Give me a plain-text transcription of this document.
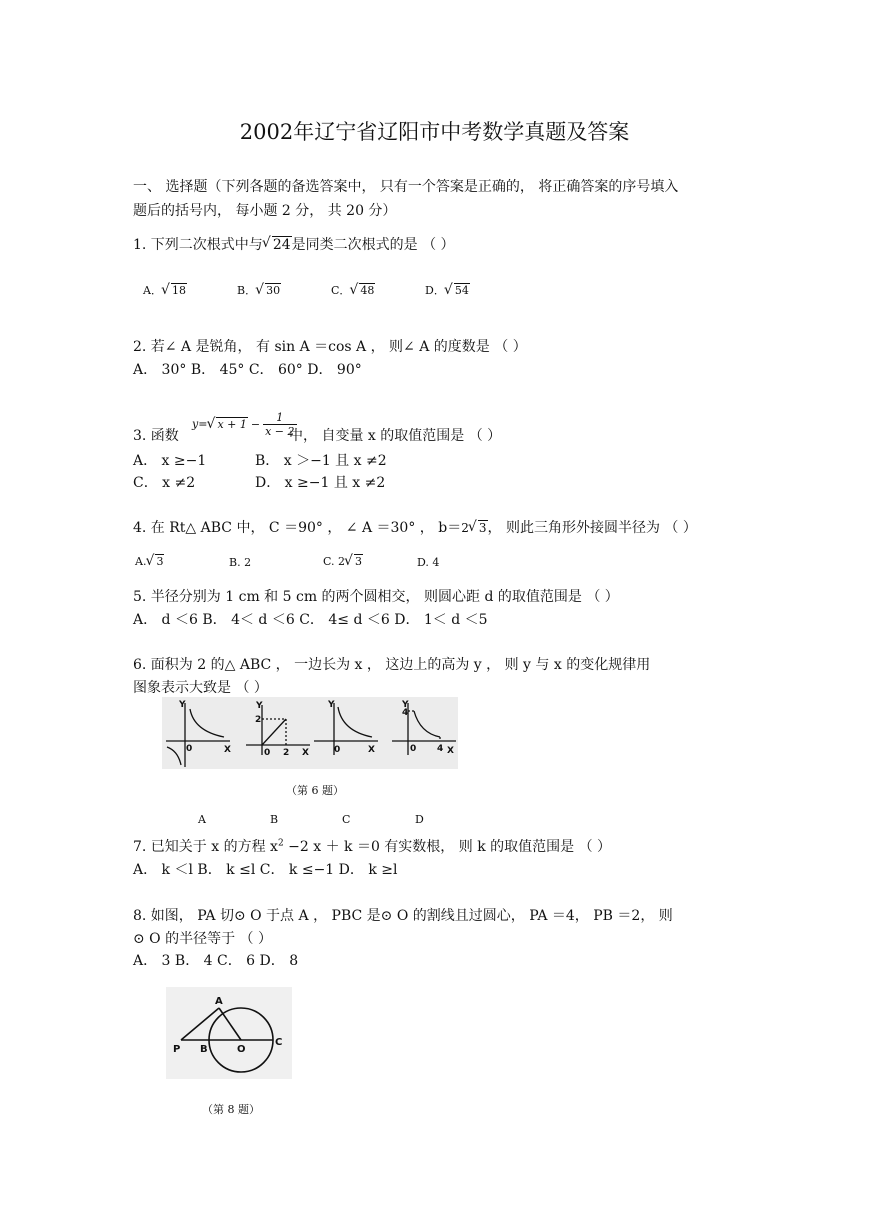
2002年辽宁省辽阳市中考数学真题及答案
一、 选择题（下列各题的备选答案中， 只有一个答案是正确的， 将正确答案的序号填入
题后的括号内， 每小题 2 分， 共 20 分）
1. 下列二次根式中与 √ 24是同类二次根式的是 （ ）
A． √ 18	B． √ 30	C． √ 48	D． √ 54
2. 若∠ A 是锐角， 有 sin A ＝cos A ， 则∠ A 的度数是 （ ）
A． 30° B． 45° C． 60° D． 90°
3. 函数
y= √ $x + 1 - \frac{1}{x - 2}$
中， 自变量 x 的取值范围是 （ ）
A． x ≥−1	B． x ＞−1 且 x ≠2
C． x ≠2	D． x ≥−1 且 x ≠2
4. 在 Rt△ ABC 中， C ＝90° ， ∠ A ＝30° ， b＝2 √ 3， 则此三角形外接圆半径为 （ ）
A. √ 3	B. 2	C. 2 √ 3	D. 4
5. 半径分别为 1 cm 和 5 cm 的两个圆相交， 则圆心距 d 的取值范围是 （ ）
A． d ＜6 B． 4＜ d ＜6 C． 4≤ d ＜6 D． 1＜ d ＜5
6. 面积为 2 的△ ABC ， 一边长为 x ， 这边上的高为 y ， 则 y 与 x 的变化规律用
图象表示大致是 （ ）
Y
X
0
Y
2
X
0 2
Y
0	X
Y
4
0 4 X
（第 6 题）
A	B	C	D
7. 已知关于 x 的方程 $x^2 -2$ x ＋ k ＝0 有实数根， 则 k 的取值范围是 （ ）
A． k ＜l B． k ≤l C． k ≤−1 D． k ≥l
8. 如图， PA 切⊙ O 于点 A ， PBC 是⊙ O 的割线且过圆心， PA ＝4， PB ＝2， 则
⊙ O 的半径等于 （ ）
A． 3 B． 4 C． 6 D． 8
A
P B	O
C
（第 8 题）
